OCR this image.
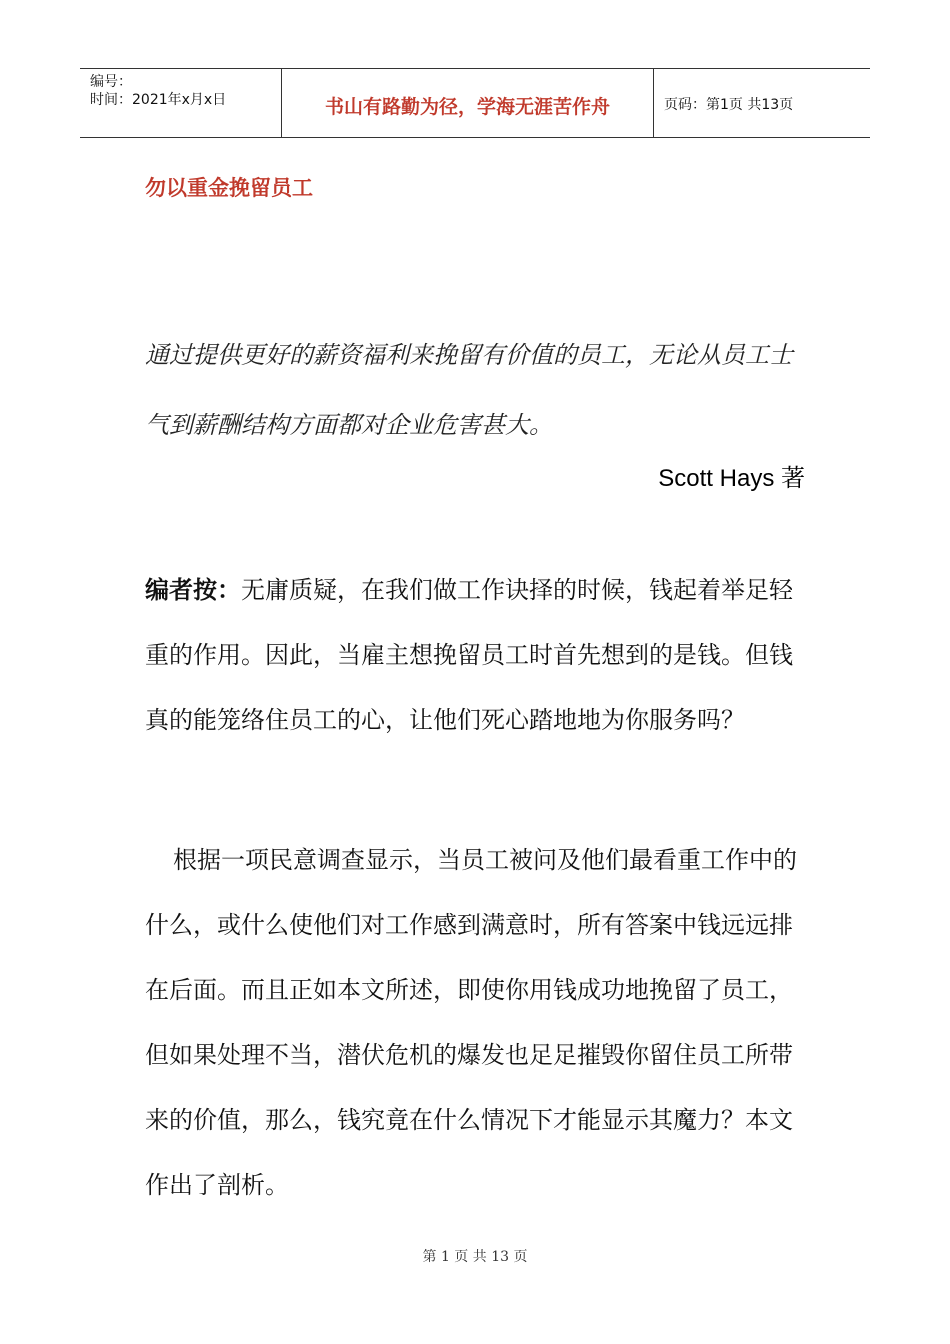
编号：
时间：2021年x月x日	书山有路勤为径，学海无涯苦作舟	页码：第1页 共13页
勿以重金挽留员工
通过提供更好的薪资福利来挽留有价值的员工，无论从员工士气到薪酬结构方面都对企业危害甚大。
Scott Hays 著
编者按：无庸质疑，在我们做工作诀择的时候，钱起着举足轻重的作用。因此，当雇主想挽留员工时首先想到的是钱。但钱真的能笼络住员工的心，让他们死心踏地地为你服务吗？
根据一项民意调查显示，当员工被问及他们最看重工作中的什么，或什么使他们对工作感到满意时，所有答案中钱远远排在后面。而且正如本文所述，即使你用钱成功地挽留了员工，但如果处理不当，潜伏危机的爆发也足足摧毁你留住员工所带来的价值，那么，钱究竟在什么情况下才能显示其魔力？本文作出了剖析。
第 1 页 共 13 页
